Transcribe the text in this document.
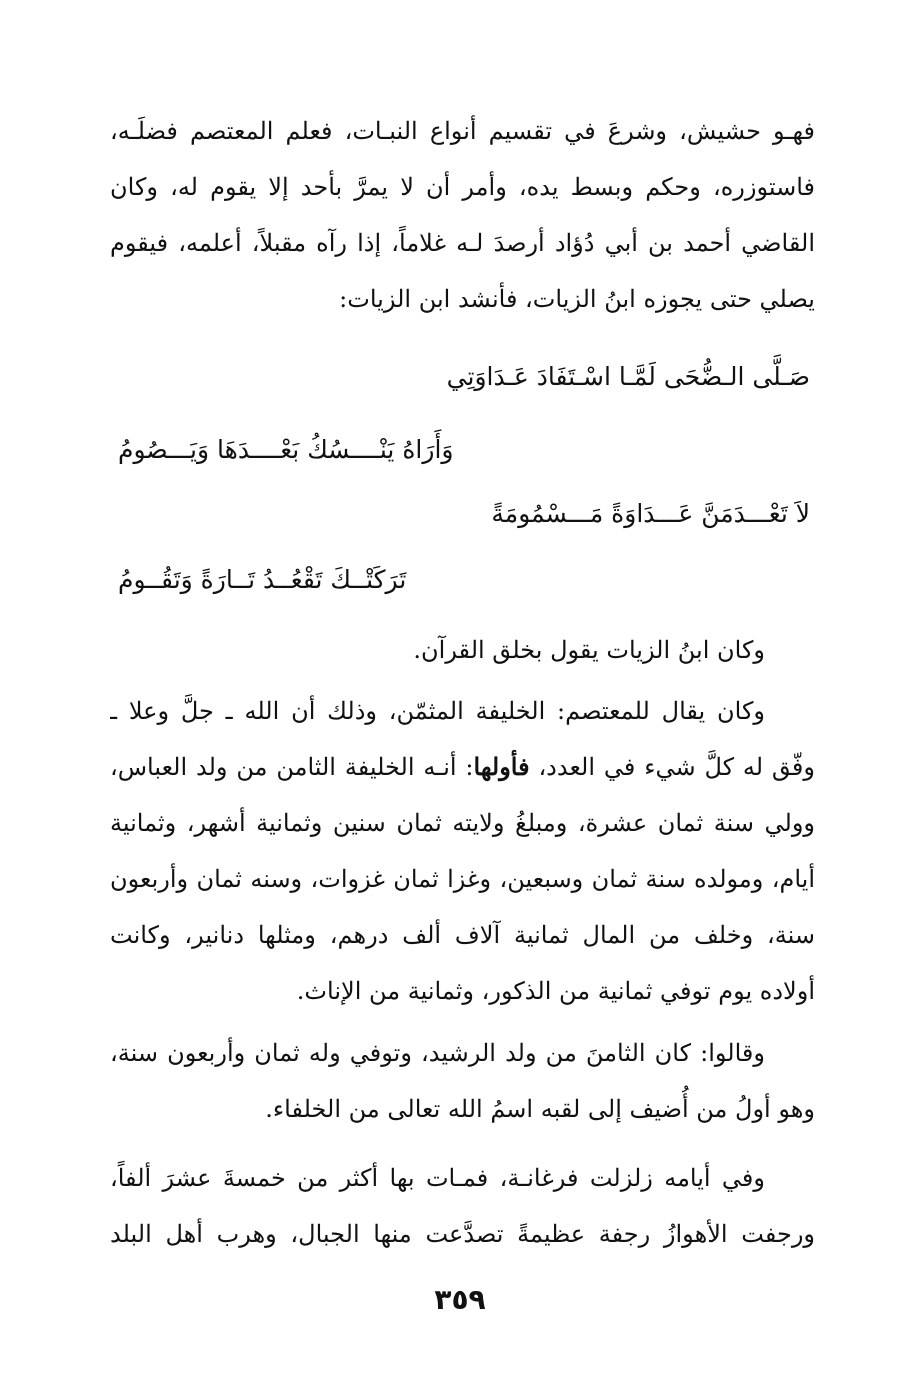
فهـو حشيش، وشرعَ في تقسيم أنواع النبـات، فعلم المعتصم فضلَـه،
فاستوزره، وحكم وبسط يده، وأمر أن لا يمرَّ بأحد إلا يقوم له، وكان
القاضي أحمد بن أبي دُؤاد أرصدَ لـه غلاماً، إذا رآه مقبلاً، أعلمه، فيقوم
يصلي حتى يجوزه ابنُ الزيات، فأنشد ابن الزيات:
صَـلَّى الـضُّحَى لَمَّـا اسْـتَفَادَ عَـدَاوَتِي
وَأَرَاهُ يَنْــــسُكُ بَعْــــدَهَا وَيَـــصُومُ
لاَ تَعْـــدَمَنَّ عَـــدَاوَةً مَـــسْمُومَةً
تَرَكَتْــكَ تَقْعُــدُ تَــارَةً وَتَقُــومُ
وكان ابنُ الزيات يقول بخلق القرآن.
وكان يقال للمعتصم: الخليفة المثمّن، وذلك أن الله ـ جلَّ وعلا ـ
وفّق له كلَّ شيء في العدد، فأولها: أنـه الخليفة الثامن من ولد العباس،
وولي سنة ثمان عشرة، ومبلغُ ولايته ثمان سنين وثمانية أشهر، وثمانية
أيام، ومولده سنة ثمان وسبعين، وغزا ثمان غزوات، وسنه ثمان وأربعون
سنة، وخلف من المال ثمانية آلاف ألف درهم، ومثلها دنانير، وكانت
أولاده يوم توفي ثمانية من الذكور، وثمانية من الإناث.
وقالوا: كان الثامنَ من ولد الرشيد، وتوفي وله ثمان وأربعون سنة،
وهو أولُ من أُضيف إلى لقبه اسمُ الله تعالى من الخلفاء.
وفي أيامه زلزلت فرغانـة، فمـات بها أكثر من خمسةَ عشرَ ألفاً،
ورجفت الأهوازُ رجفة عظيمةً تصدَّعت منها الجبال، وهرب أهل البلد
٣٥٩
